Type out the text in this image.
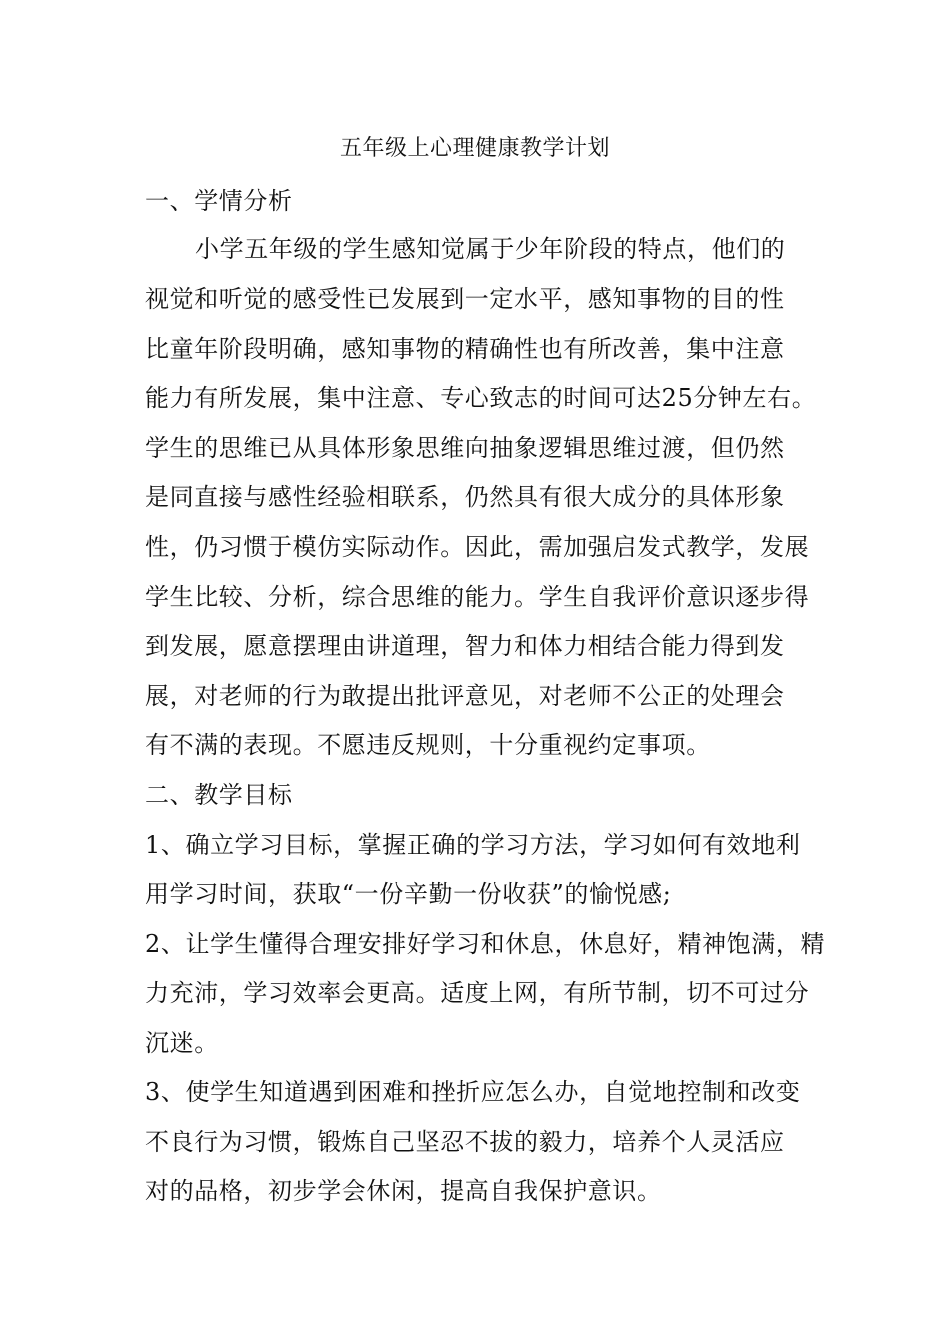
五年级上心理健康教学计划
一、学情分析
小学五年级的学生感知觉属于少年阶段的特点，他们的
视觉和听觉的感受性已发展到一定水平，感知事物的目的性
比童年阶段明确，感知事物的精确性也有所改善，集中注意
能力有所发展，集中注意、专心致志的时间可达25分钟左右。
学生的思维已从具体形象思维向抽象逻辑思维过渡，但仍然
是同直接与感性经验相联系，仍然具有很大成分的具体形象
性，仍习惯于模仿实际动作。因此，需加强启发式教学，发展
学生比较、分析，综合思维的能力。学生自我评价意识逐步得
到发展，愿意摆理由讲道理，智力和体力相结合能力得到发
展，对老师的行为敢提出批评意见，对老师不公正的处理会
有不满的表现。不愿违反规则，十分重视约定事项。
二、教学目标
1、确立学习目标，掌握正确的学习方法，学习如何有效地利
用学习时间，获取“一份辛勤一份收获”的愉悦感;
2、让学生懂得合理安排好学习和休息，休息好，精神饱满，精
力充沛，学习效率会更高。适度上网，有所节制，切不可过分
沉迷。
3、使学生知道遇到困难和挫折应怎么办，自觉地控制和改变
不良行为习惯，锻炼自己坚忍不拔的毅力，培养个人灵活应
对的品格，初步学会休闲，提高自我保护意识。
